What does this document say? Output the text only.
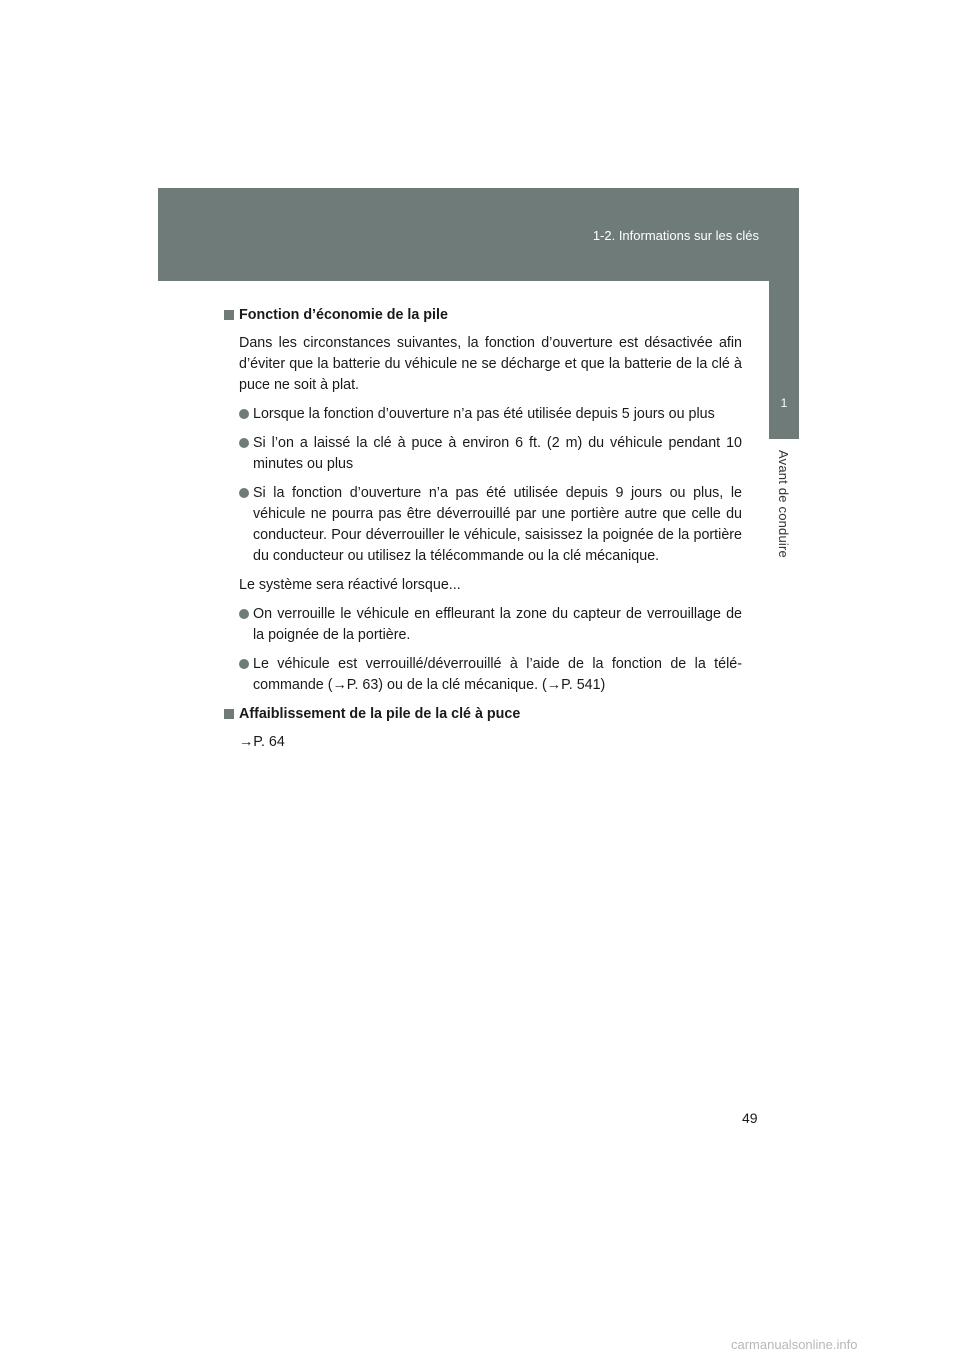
1-2. Informations sur les clés
1
Avant de conduire
Fonction d’économie de la pile

Dans les circonstances suivantes, la fonction d’ouverture est désactivée afin d’éviter que la batterie du véhicule ne se décharge et que la batterie de la clé à puce ne soit à plat.

Lorsque la fonction d’ouverture n’a pas été utilisée depuis 5 jours ou plus
Si l’on a laissé la clé à puce à environ 6 ft. (2 m) du véhicule pendant 10 minutes ou plus
Si la fonction d’ouverture n’a pas été utilisée depuis 9 jours ou plus, le véhicule ne pourra pas être déverrouillé par une portière autre que celle du conducteur. Pour déverrouiller le véhicule, saisissez la poignée de la portière du conducteur ou utilisez la télécommande ou la clé mécanique.

Le système sera réactivé lorsque...

On verrouille le véhicule en effleurant la zone du capteur de verrouillage de la poignée de la portière.
Le véhicule est verrouillé/déverrouillé à l’aide de la fonction de la télé-commande (→P. 63) ou de la clé mécanique. (→P. 541)
Affaiblissement de la pile de la clé à puce

→P. 64

49
carmanualsonline.info
